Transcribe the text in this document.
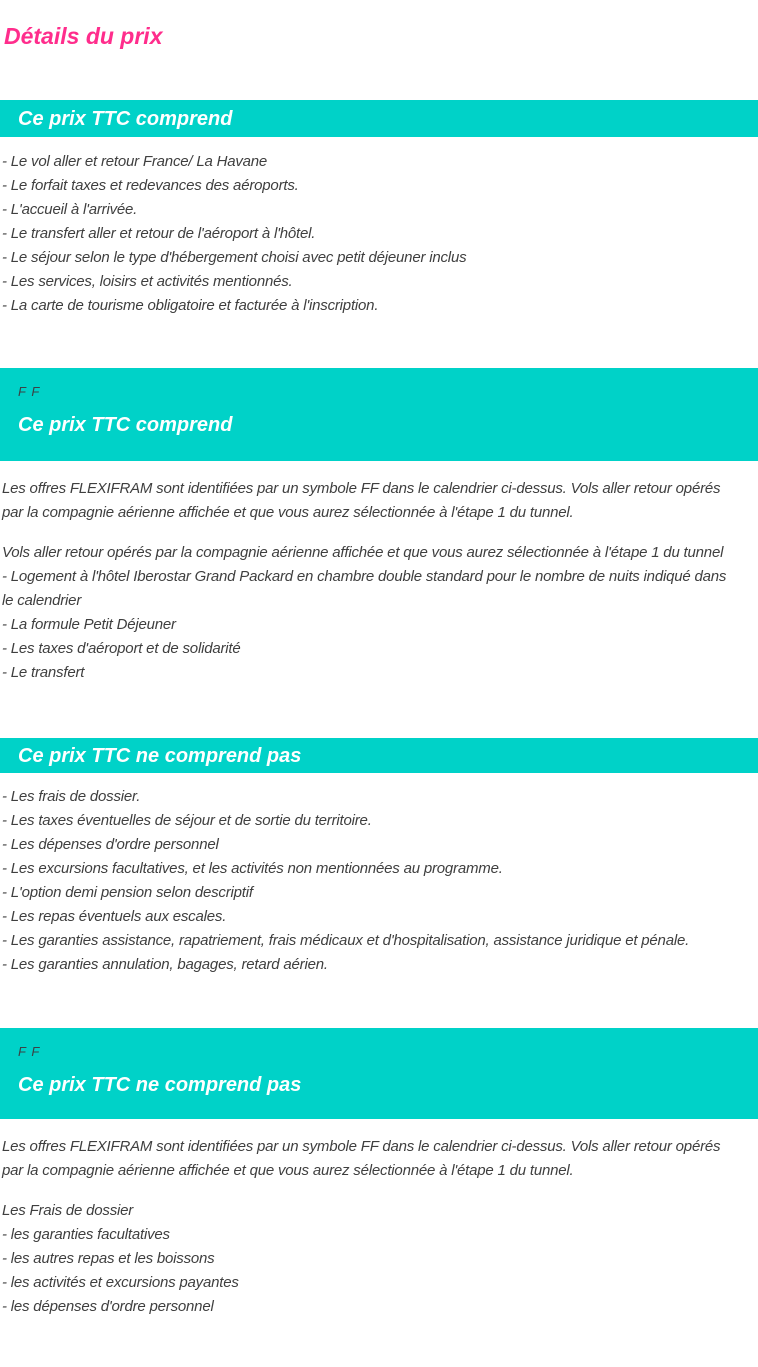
Détails du prix
Ce prix TTC comprend

- Le vol aller et retour France/ La Havane

- Le forfait taxes et redevances des aéroports.

- L'accueil à l'arrivée.

- Le transfert aller et retour de l'aéroport à l'hôtel.

- Le séjour selon le type d'hébergement choisi avec petit déjeuner inclus

- Les services, loisirs et activités mentionnés.

- La carte de tourisme obligatoire et facturée à l'inscription.

F F
Ce prix TTC comprend

Les offres FLEXIFRAM sont identifiées par un symbole FF dans le calendrier ci-dessus. Vols aller retour opérés par la compagnie aérienne affichée et que vous aurez sélectionnée à l'étape 1 du tunnel.

Vols aller retour opérés par la compagnie aérienne affichée et que vous aurez sélectionnée à l'étape 1 du tunnel

- Logement à l'hôtel Iberostar Grand Packard en chambre double standard pour le nombre de nuits indiqué dans le calendrier

- La formule Petit Déjeuner

- Les taxes d'aéroport et de solidarité

- Le transfert

Ce prix TTC ne comprend pas

- Les frais de dossier.

- Les taxes éventuelles de séjour et de sortie du territoire.

- Les dépenses d'ordre personnel

- Les excursions facultatives, et les activités non mentionnées au programme.

- L'option demi pension selon descriptif

- Les repas éventuels aux escales.

- Les garanties assistance, rapatriement, frais médicaux et d'hospitalisation, assistance juridique et pénale.

- Les garanties annulation, bagages, retard aérien.

F F
Ce prix TTC ne comprend pas

Les offres FLEXIFRAM sont identifiées par un symbole FF dans le calendrier ci-dessus. Vols aller retour opérés par la compagnie aérienne affichée et que vous aurez sélectionnée à l'étape 1 du tunnel.

Les Frais de dossier

- les garanties facultatives

- les autres repas et les boissons

- les activités et excursions payantes

- les dépenses d'ordre personnel
